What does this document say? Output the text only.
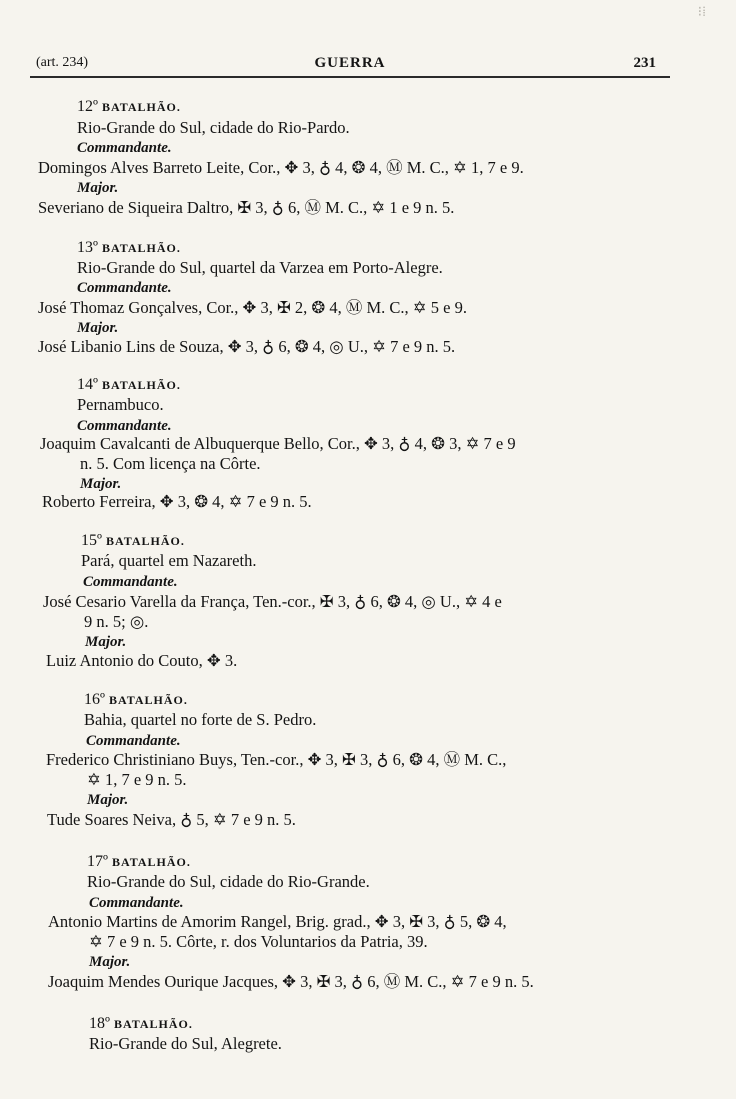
⁝⁞
(art. 234)	GUERRA	231
12º BATALHÃO.
Rio-Grande do Sul, cidade do Rio-Pardo.
Commandante.
Domingos Alves Barreto Leite, Cor., ✥ 3, ♁ 4, ❂ 4, Ⓜ M. C., ✡ 1, 7 e 9.
Major.
Severiano de Siqueira Daltro, ✠ 3, ♁ 6, Ⓜ M. C., ✡ 1 e 9 n. 5.
13º BATALHÃO.
Rio-Grande do Sul, quartel da Varzea em Porto-Alegre.
Commandante.
José Thomaz Gonçalves, Cor., ✥ 3, ✠ 2, ❂ 4, Ⓜ M. C., ✡ 5 e 9.
Major.
José Libanio Lins de Souza, ✥ 3, ♁ 6, ❂ 4, ◎ U., ✡ 7 e 9 n. 5.
14º BATALHÃO.
Pernambuco.
Commandante.
Joaquim Cavalcanti de Albuquerque Bello, Cor., ✥ 3, ♁ 4, ❂ 3, ✡ 7 e 9
n. 5. Com licença na Côrte.
Major.
Roberto Ferreira, ✥ 3, ❂ 4, ✡ 7 e 9 n. 5.
15º BATALHÃO.
Pará, quartel em Nazareth.
Commandante.
José Cesario Varella da França, Ten.-cor., ✠ 3, ♁ 6, ❂ 4, ◎ U., ✡ 4 e
9 n. 5; ◎.
Major.
Luiz Antonio do Couto, ✥ 3.
16º BATALHÃO.
Bahia, quartel no forte de S. Pedro.
Commandante.
Frederico Christiniano Buys, Ten.-cor., ✥ 3, ✠ 3, ♁ 6, ❂ 4, Ⓜ M. C.,
✡ 1, 7 e 9 n. 5.
Major.
Tude Soares Neiva, ♁ 5, ✡ 7 e 9 n. 5.
17º BATALHÃO.
Rio-Grande do Sul, cidade do Rio-Grande.
Commandante.
Antonio Martins de Amorim Rangel, Brig. grad., ✥ 3, ✠ 3, ♁ 5, ❂ 4,
✡ 7 e 9 n. 5. Côrte, r. dos Voluntarios da Patria, 39.
Major.
Joaquim Mendes Ourique Jacques, ✥ 3, ✠ 3, ♁ 6, Ⓜ M. C., ✡ 7 e 9 n. 5.
18º BATALHÃO.
Rio-Grande do Sul, Alegrete.
